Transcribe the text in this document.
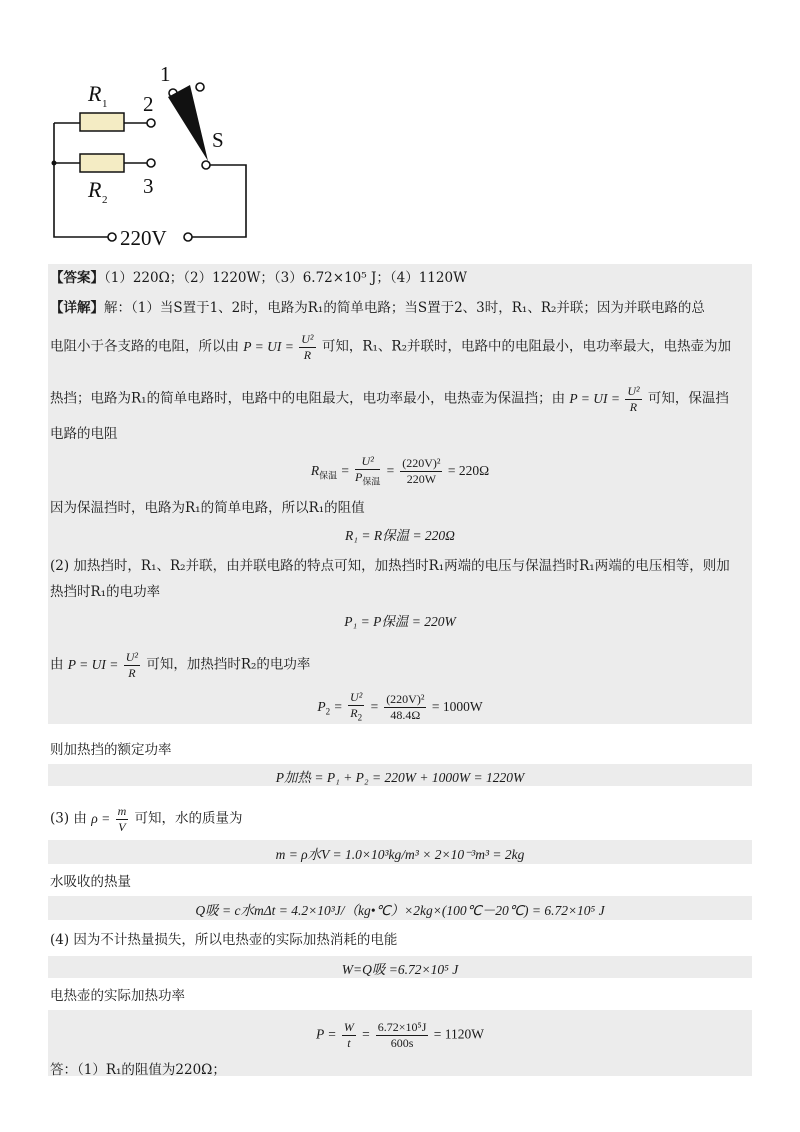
R 1
R 2
1
2
3
S
220V
【答案】（1）220Ω；（2）1220W；（3）6.72×10⁵ J；（4）1120W
【详解】解：（1）当S置于1、2时，电路为R₁的简单电路；当S置于2、3时，R₁、R₂并联；因为并联电路的总
电阻小于各支路的电阻，所以由 P = UI = $\frac{\text{U²}}{R}$ 可知，R₁、R₂并联时，电路中的电阻最小，电功率最大，电热壶为加
热挡；电路为R₁的简单电路时，电路中的电阻最大，电功率最小，电热壶为保温挡；由 P = UI = $\frac{\text{U²}}{R}$ 可知，保温挡
电路的电阻
$R_{保温} = \frac{\text{U²}}{P_{保温}} = \frac{\text{(220V)²}}{220W} = 220\Omega$
因为保温挡时，电路为R₁的简单电路，所以R₁的阻值
R₁ = R保温 = 220Ω
(2) 加热挡时，R₁、R₂并联，由并联电路的特点可知，加热挡时R₁两端的电压与保温挡时R₁两端的电压相等，则加
热挡时R₁的电功率
P₁ = P保温 = 220W
由 P = UI = $\frac{\text{U²}}{R}$ 可知，加热挡时R₂的电功率
$P_2 = \frac{\text{U²}}{R_2} = \frac{\text{(220V)²}}{48.4\Omega} = 1000W$
则加热挡的额定功率
P加热 = P₁ + P₂ = 220W + 1000W = 1220W
(3) 由 $\rho = \frac{m}{V}$ 可知，水的质量为
m = ρ水V = 1.0×10³kg/m³ × 2×10⁻³m³ = 2kg
水吸收的热量
Q吸 = c水mΔt = 4.2×10³J/（kg•℃）×2kg×(100℃－20℃) = 6.72×10⁵ J
(4) 因为不计热量损失，所以电热壶的实际加热消耗的电能
W=Q吸 =6.72×10⁵ J
电热壶的实际加热功率
$P = \frac{W}{t} = \frac{\text{6.72×10⁵J}}{600s} = 1120W$
答：（1）R₁的阻值为220Ω；
